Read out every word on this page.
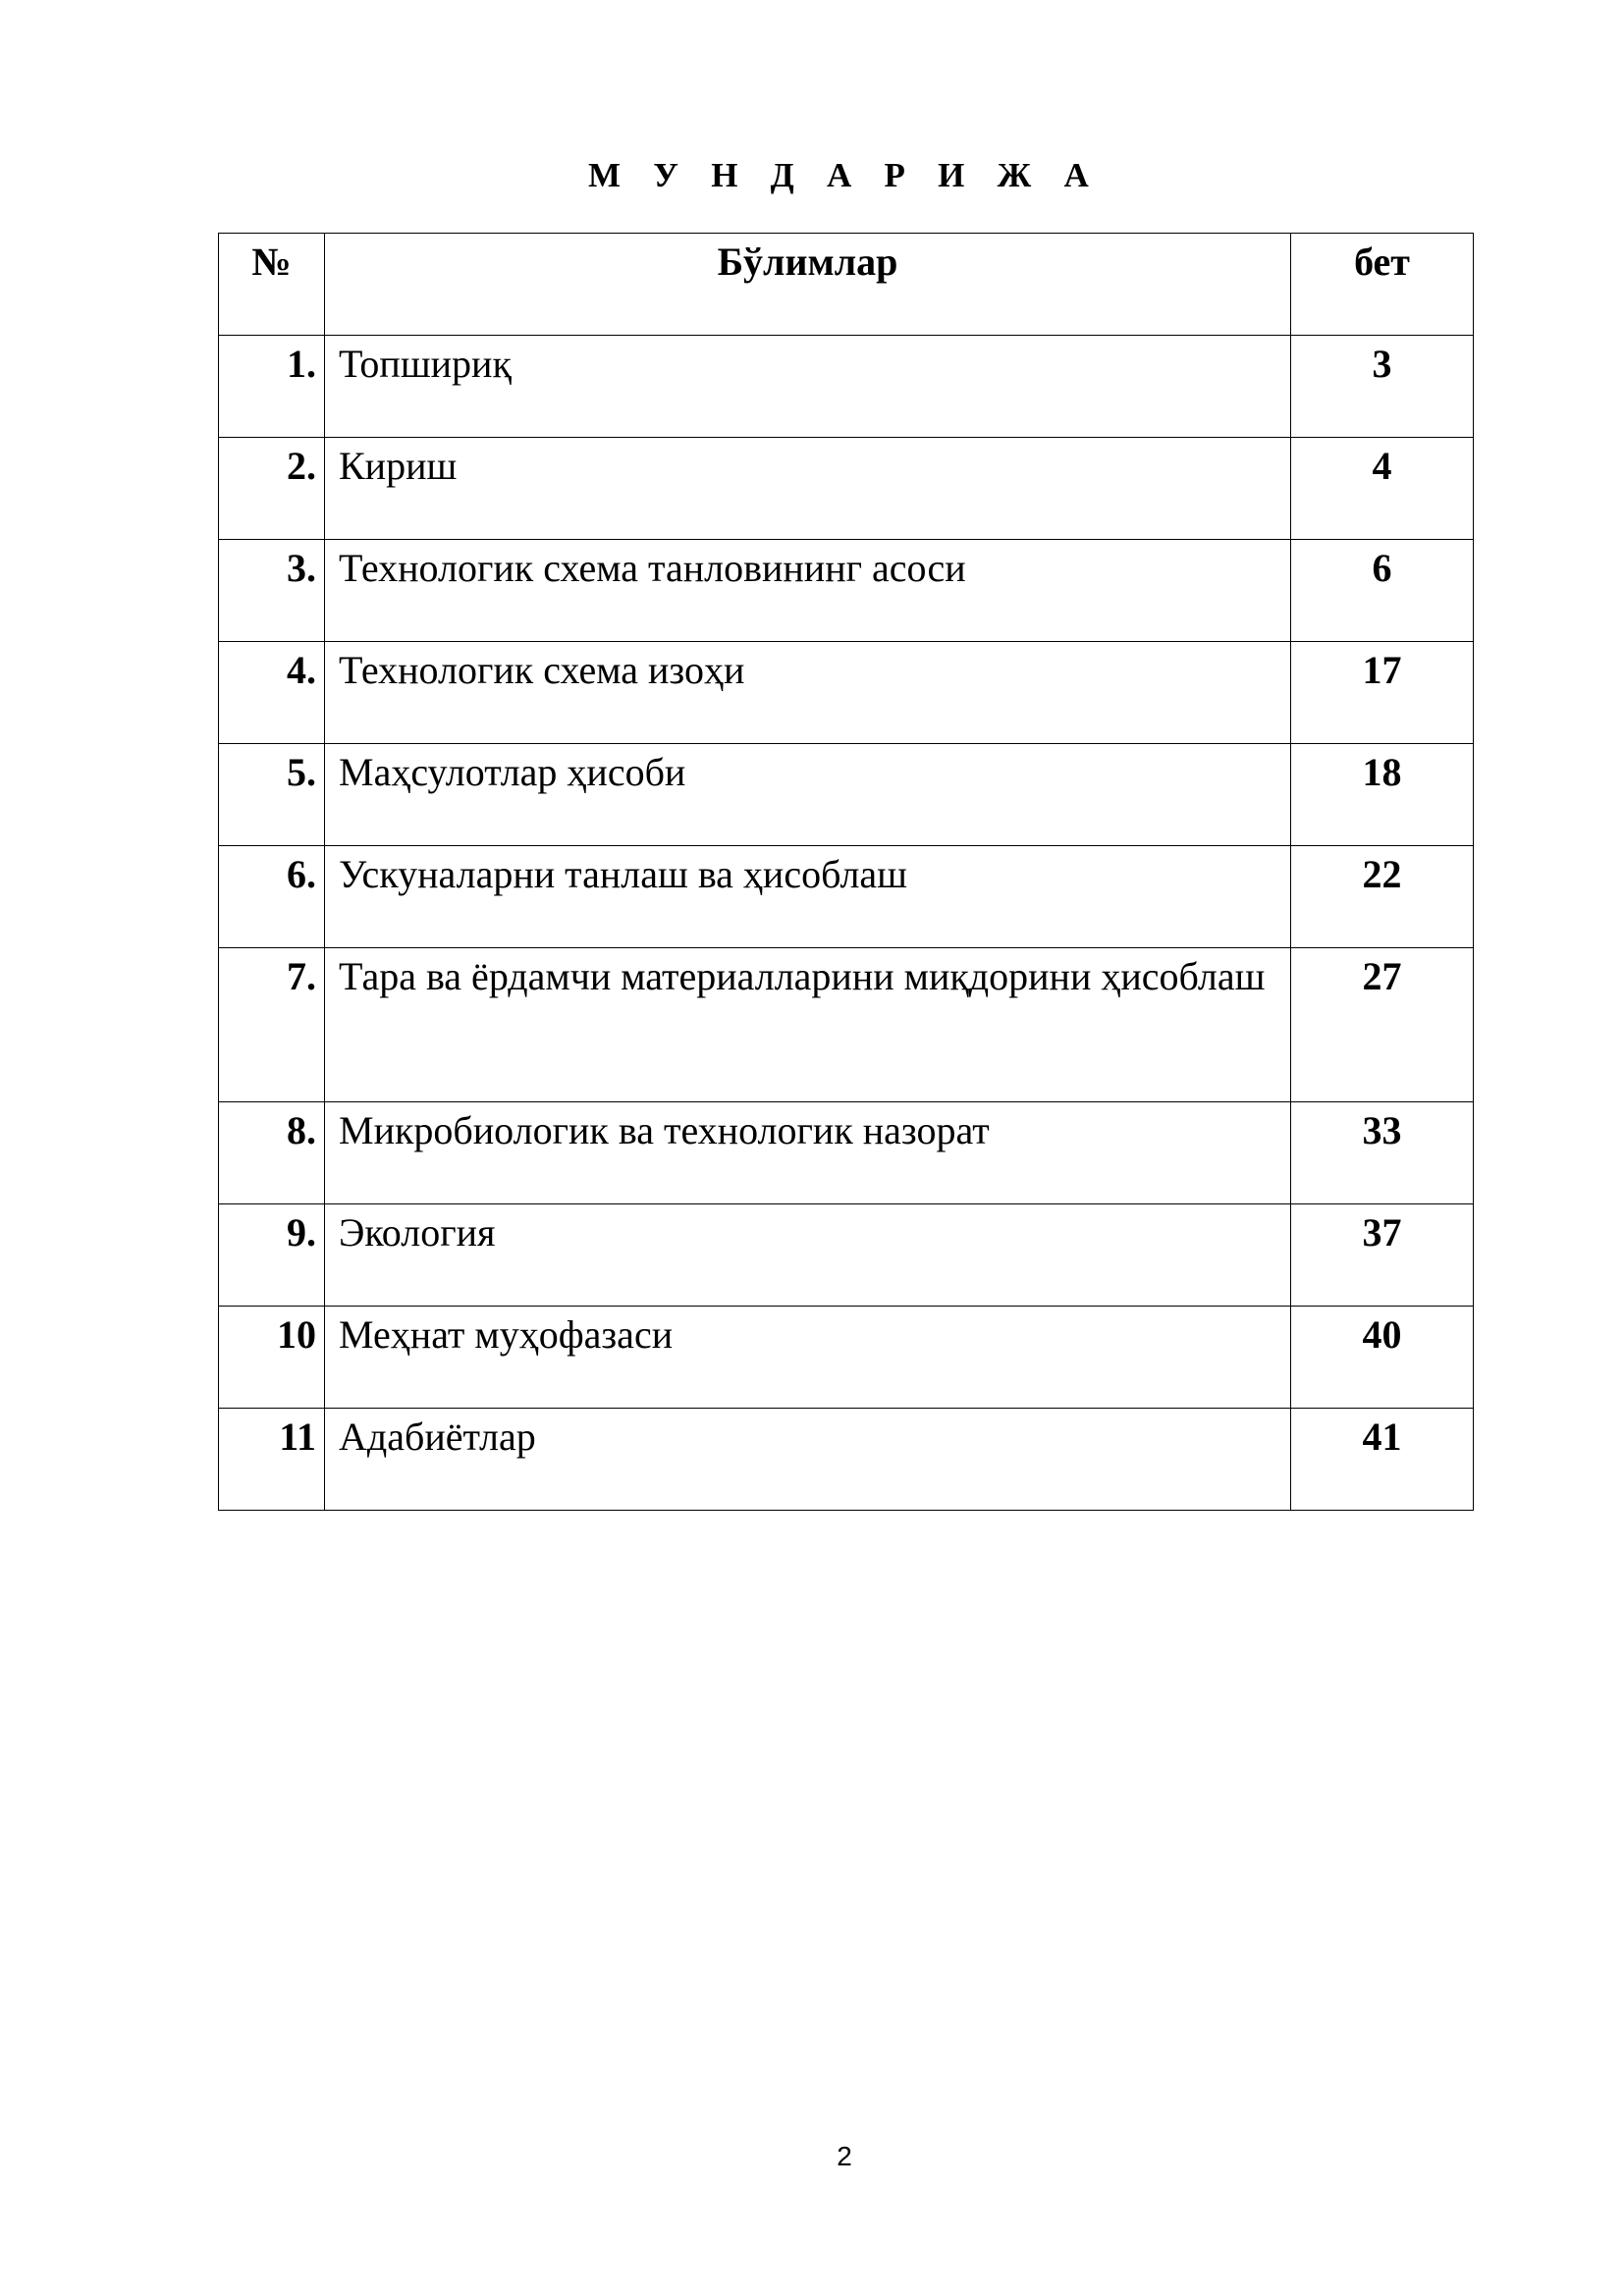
М У Н Д А Р И Ж А
№	Бўлимлар	бет
1.	Топшириқ	3
2.	Кириш	4
3.	Технологик схема танловининг асоси	6
4.	Технологик схема изоҳи	17
5.	Маҳсулотлар ҳисоби	18
6.	Ускуналарни танлаш ва ҳисоблаш	22
7.	Тара ва ёрдамчи материалларини миқдорини ҳисоблаш	27
8.	Микробиологик ва технологик назорат	33
9.	Экология	37
10	Меҳнат муҳофазаси	40
11	Адабиётлар	41
2
